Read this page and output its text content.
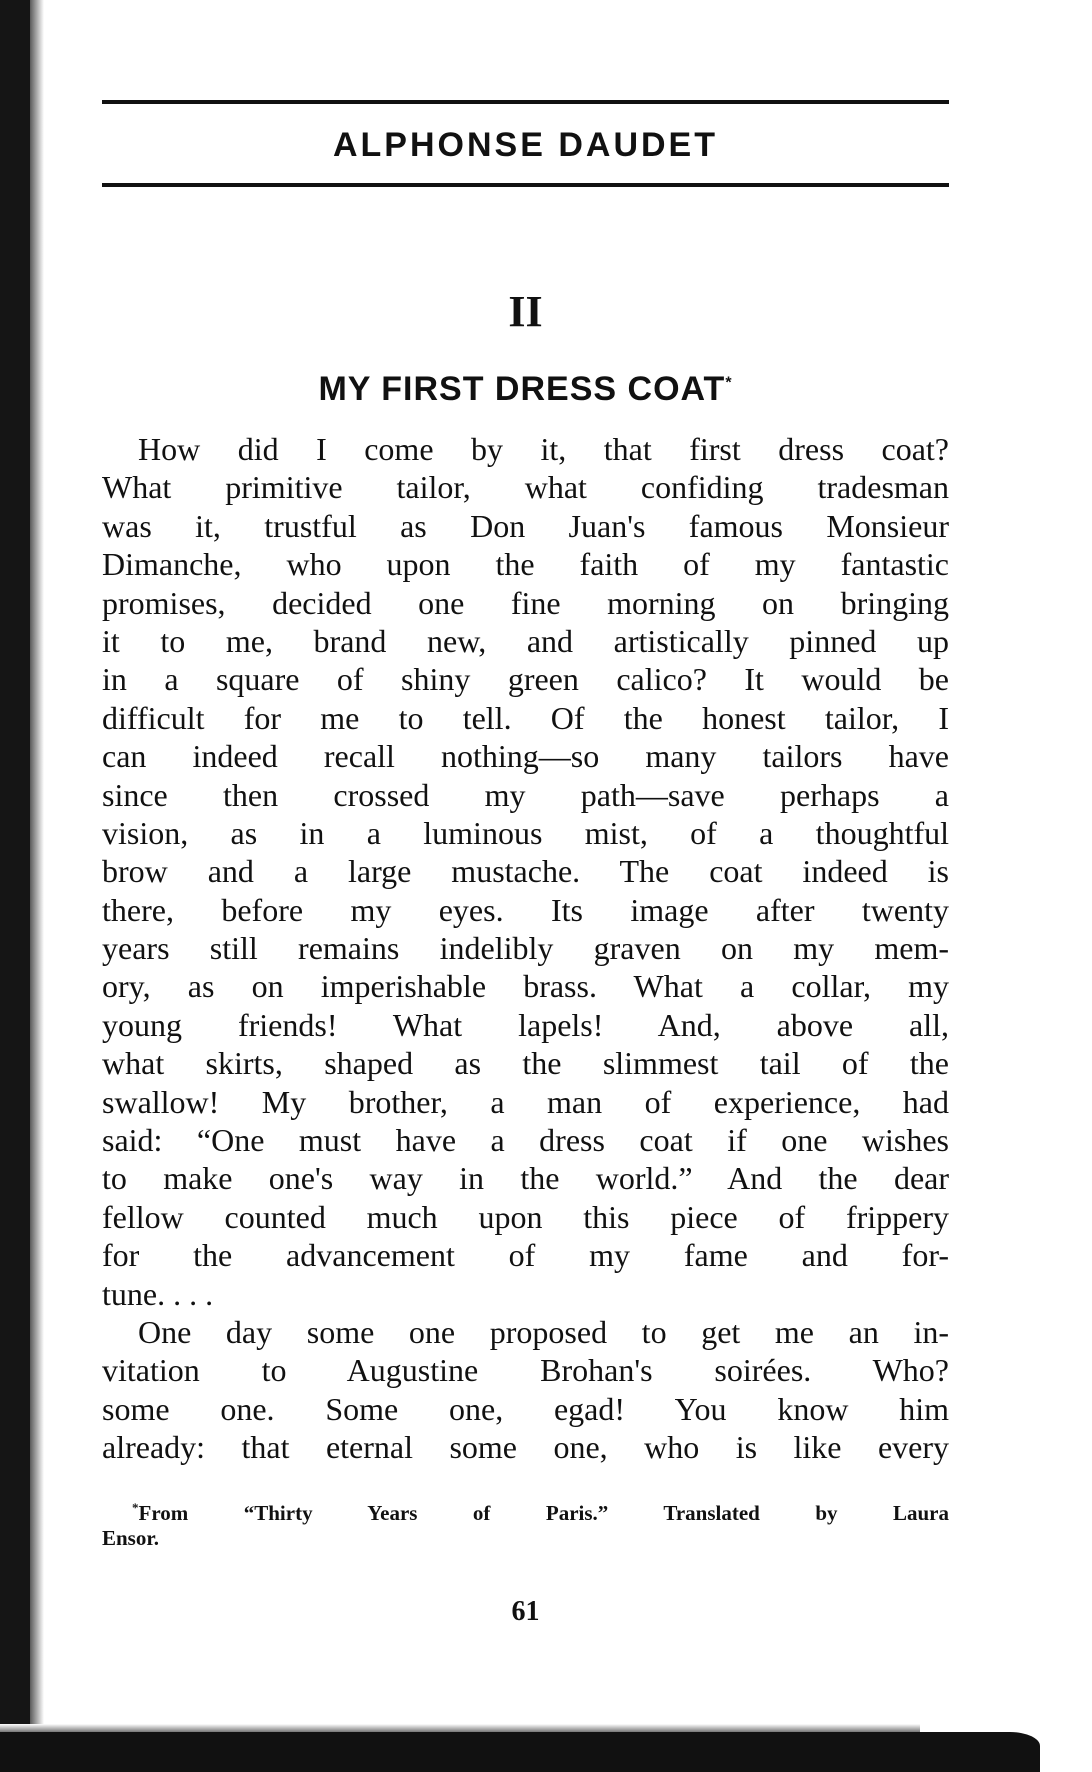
ALPHONSE DAUDET
II
MY FIRST DRESS COAT*
How did I come by it, that first dress coat?
What primitive tailor, what confiding tradesman
was it, trustful as Don Juan's famous Monsieur
Dimanche, who upon the faith of my fantastic
promises, decided one fine morning on bringing
it to me, brand new, and artistically pinned up
in a square of shiny green calico? It would be
difficult for me to tell. Of the honest tailor, I
can indeed recall nothing—so many tailors have
since then crossed my path—save perhaps a
vision, as in a luminous mist, of a thoughtful
brow and a large mustache. The coat indeed is
there, before my eyes. Its image after twenty
years still remains indelibly graven on my mem-
ory, as on imperishable brass. What a collar, my
young friends! What lapels! And, above all,
what skirts, shaped as the slimmest tail of the
swallow! My brother, a man of experience, had
said: “One must have a dress coat if one wishes
to make one's way in the world.” And the dear
fellow counted much upon this piece of frippery
for the advancement of my fame and for-
tune. . . .
One day some one proposed to get me an in-
vitation to Augustine Brohan's soirées. Who?
some one. Some one, egad! You know him
already: that eternal some one, who is like every
*From “Thirty Years of Paris.” Translated by Laura
Ensor.
61
